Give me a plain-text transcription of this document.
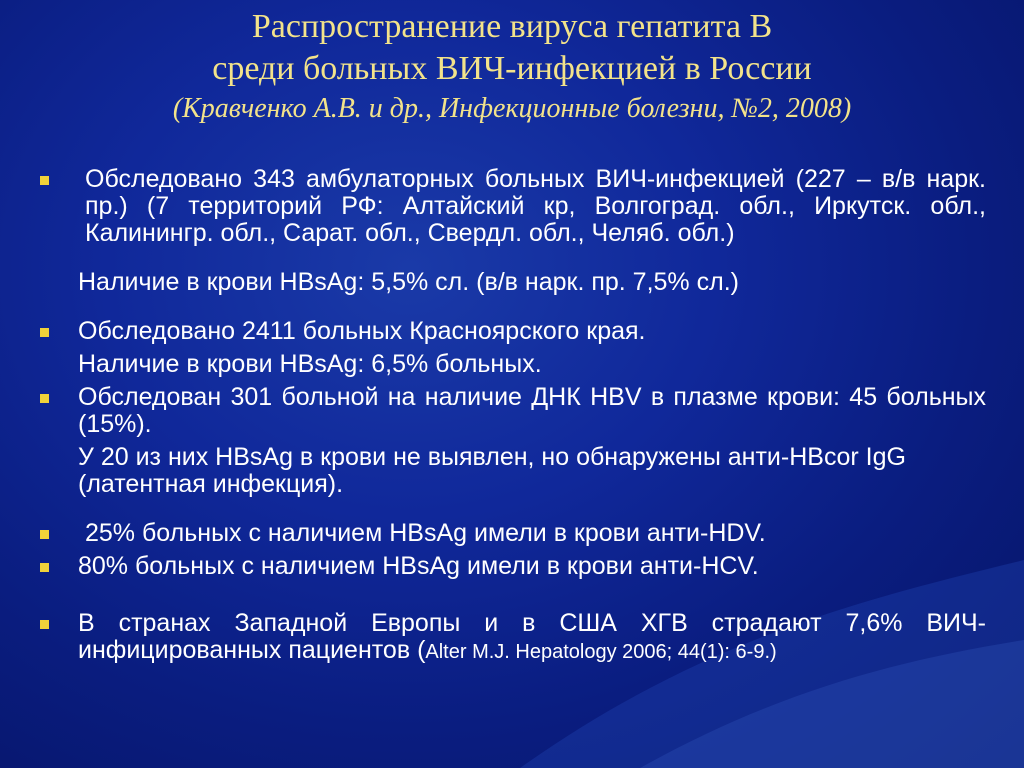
Распространение вируса гепатита В
среди больных ВИЧ-инфекцией в России
(Кравченко А.В. и др., Инфекционные болезни, №2, 2008)
Обследовано 343 амбулаторных больных ВИЧ-инфекцией (227 – в/в нарк. пр.) (7 территорий РФ: Алтайский кр, Волгоград. обл., Иркутск. обл., Калинингр. обл., Сарат. обл., Свердл. обл., Челяб. обл.)
Наличие в крови HBsAg: 5,5% сл. (в/в нарк. пр. 7,5% сл.)
Обследовано 2411 больных Красноярского края.
Наличие в крови HBsAg: 6,5% больных.
Обследован 301 больной на наличие ДНК HBV в плазме крови: 45 больных (15%).
У 20 из них HBsAg в крови не выявлен, но обнаружены анти-HBcor IgG (латентная инфекция).
25% больных с наличием HBsAg имели в крови анти-HDV.
80% больных с наличием HBsAg имели в крови анти-HCV.
В странах Западной Европы и в США ХГВ страдают 7,6% ВИЧ-инфицированных пациентов (Alter M.J. Hepatology 2006; 44(1): 6-9.)
